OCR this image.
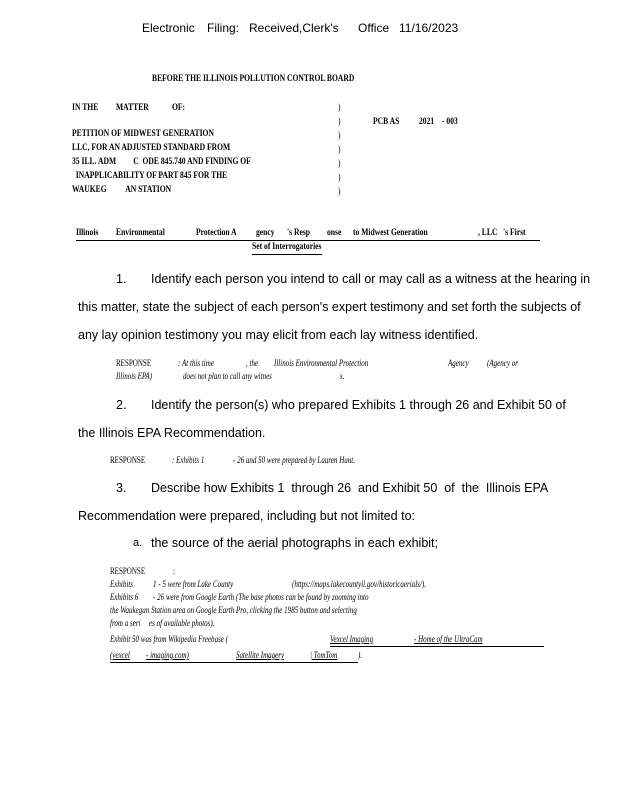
Electronic Filing: Received,Clerk's Office 11/16/2023
BEFORE THE ILLINOIS POLLUTION CONTROL BOARD
IN THE MATTER OF:
PETITION OF MIDWEST GENERATION
LLC, FOR AN ADJUSTED STANDARD FROM
35 ILL. ADM         C  ODE 845.740 AND FINDING OF
INAPPLICABILITY OF PART 845 FOR THE
WAUKEG          AN STATION
)
)
)
)
)
)
)
PCB AS 2021 - 003
Illinois Environmental	Protection A gency 's Resp onse to Midwest Generation	, LLC 's First
Set of Interrogatories
1. Identify each person you intend to call or may call as a witness at the hearing in
this matter, state the subject of each person's expert testimony and set forth the subjects of
any lay opinion testimony you may elicit from each lay witness identified.
RESPONSE	: At this time	, the Illinois Environmental Protection	Agency (Agency or
Illinois EPA)	does not plan to call any witnes	s.
2. Identify the person(s) who prepared Exhibits 1 through 26 and Exhibit 50 of
the Illinois EPA Recommendation.
RESPONSE	: Exhibits 1	- 26 and 50 were prepared by Lauren Hunt.
3. Describe how Exhibits 1  through 26  and Exhibit 50  of  the  Illinois EPA
Recommendation were prepared, including but not limited to:
a. the source of the aerial photographs in each exhibit;
RESPONSE	:
Exhibits 1 - 5 were from Lake County	(https://maps.lakecountyil.gov/historicaerials/).
Exhibits 6 - 26 were from Google Earth (The base photos can be found by zooming into
the Waukegan Station area on Google Earth Pro, clicking the 1985 button and selecting
from a seri es of available photos).
Exhibit 50 was from Wikipedia Freebase (	Vexcel Imaging	- Home of the UltraCam
(vexcel - imaging.com)	Satellite Imagery	| TomTom ).
